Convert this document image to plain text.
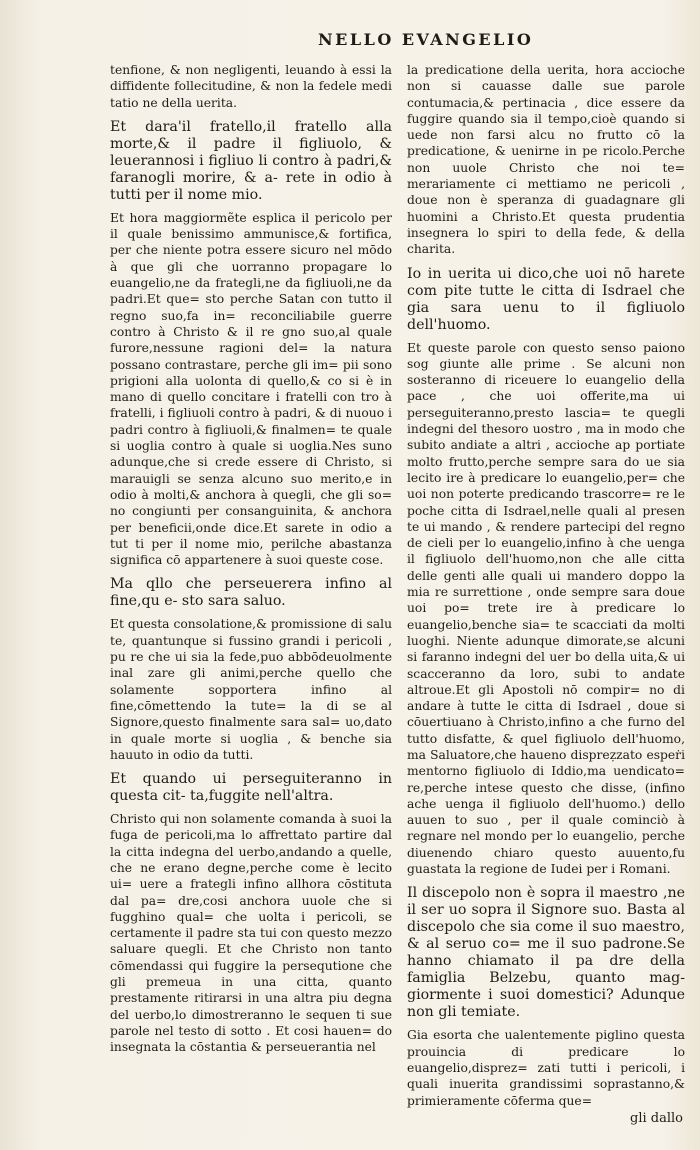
NELLO EVANGELIO

tenfione, & non negligenti, leuando à essi la diffidente follecitudine, & non la fedele medi tatio ne della uerita.

Et dara'il fratello,il fratello alla morte,& il padre il figliuolo, & leuerannosi i figliuo li contro à padri,& faranogli morire, & a- rete in odio à tutti per il nome mio.

Et hora maggiormẽte esplica il pericolo per il quale benissimo ammunisce,& fortifica, per che niente potra essere sicuro nel mōdo à que gli che uorranno propagare lo euangelio,ne da frategli,ne da figliuoli,ne da padri.Et que= sto perche Satan con tutto il regno suo,fa in= reconciliabile guerre contro à Christo & il re gno suo,al quale furore,nessune ragioni del= la natura possano contrastare, perche gli im= pii sono prigioni alla uolonta di quello,& co si è in mano di quello concitare i fratelli con tro à fratelli, i figliuoli contro à padri, & di nuouo i padri contro à figliuoli,& finalmen= te quale si uoglia contro à quale si uoglia.Nes suno adunque,che si crede essere di Christo, si marauigli se senza alcuno suo merito,e in odio à molti,& anchora à quegli, che gli so= no congiunti per consanguinita, & anchora per beneficii,onde dice.Et sarete in odio a tut ti per il nome mio, perilche abastanza significa cō appartenere à suoi queste cose.

Ma qllo che perseuerera infino al fine,qu e- sto sara saluo.

Et questa consolatione,& promissione di salu te, quantunque si fussino grandi i pericoli , pu re che ui sia la fede,puo abbōdeuolmente inal zare gli animi,perche quello che solamente sopportera infino al fine,cōmettendo la tute= la di se al Signore,questo finalmente sara sal= uo,dato in quale morte si uoglia , & benche sia hauuto in odio da tutti.

Et quando ui perseguiteranno in questa cit- ta,fuggite nell'altra.

Christo qui non solamente comanda à suoi la fuga de pericoli,ma lo affrettato partire dal la citta indegna del uerbo,andando a quelle, che ne erano degne,perche come è lecito ui= uere a frategli infino allhora cōstituta dal pa= dre,cosi anchora uuole che si fugghino qual= che uolta i pericoli, se certamente il padre sta tui con questo mezzo saluare quegli. Et che Christo non tanto cōmendassi qui fuggire la persequtione che gli premeua in una citta, quanto prestamente ritirarsi in una altra piu degna del uerbo,lo dimostreranno le sequen ti sue parole nel testo di sotto . Et cosi hauen= do insegnata la cōstantia & perseuerantia nel

la predicatione della uerita, hora accioche non si cauasse dalle sue parole contumacia,& pertinacia , dice essere da fuggire quando sia il tempo,cioè quando si uede non farsi alcu no frutto cō la predicatione, & uenirne in pe ricolo.Perche non uuole Christo che noi te= merariamente ci mettiamo ne pericoli , doue non è speranza di guadagnare gli huomini a Christo.Et questa prudentia insegnera lo spiri to della fede, & della charita.

Io in uerita ui dico,che uoi nō harete com pite tutte le citta di Isdrael che gia sara uenu to il figliuolo dell'huomo.

Et queste parole con questo senso paiono sog giunte alle prime . Se alcuni non sosteranno di riceuere lo euangelio della pace , che uoi offerite,ma ui perseguiteranno,presto lascia= te quegli indegni del thesoro uostro , ma in modo che subito andiate a altri , accioche ap portiate molto frutto,perche sempre sara do ue sia lecito ire à predicare lo euangelio,per= che uoi non poterte predicando trascorre= re le poche citta di Isdrael,nelle quali al presen te ui mando , & rendere partecipi del regno de cieli per lo euangelio,infino à che uenga il figliuolo dell'huomo,non che alle citta delle genti alle quali ui mandero doppo la mia re surrettione , onde sempre sara doue uoi po= trete ire à predicare lo euangelio,benche sia= te scacciati da molti luoghi. Niente adunque dimorate,se alcuni si faranno indegni del uer bo della uita,& ui scacceranno da loro, subi to andate altroue.Et gli Apostoli nō compir= no di andare à tutte le citta di Isdrael , doue si cōuertiuano à Christo,infino a che furno del tutto disfatte, & quel figliuolo dell'huomo, ma Saluatore,che haueno dispreẓzato espeṙi mentorno figliuolo di Iddio,ma uendicato= re,perche intese questo che disse, (infino ache uenga il figliuolo dell'huomo.) dello auuen to suo , per il quale cominciò à regnare nel mondo per lo euangelio, perche diuenendo chiaro questo auuento,fu guastata la regione de Iudei per i Romani.

Il discepolo non è sopra il maestro ,ne il ser uo sopra il Signore suo. Basta al discepolo che sia come il suo maestro, & al seruo co= me il suo padrone.Se hanno chiamato il pa dre della famiglia Belzebu, quanto mag- giormente i suoi domestici? Adunque non gli temiate.

Gia esorta che ualentemente piglino questa prouincia di predicare lo euangelio,disprez= zati tutti i pericoli, i quali inuerita grandissimi soprastanno,& primieramente cōferma que=

gli dallo
